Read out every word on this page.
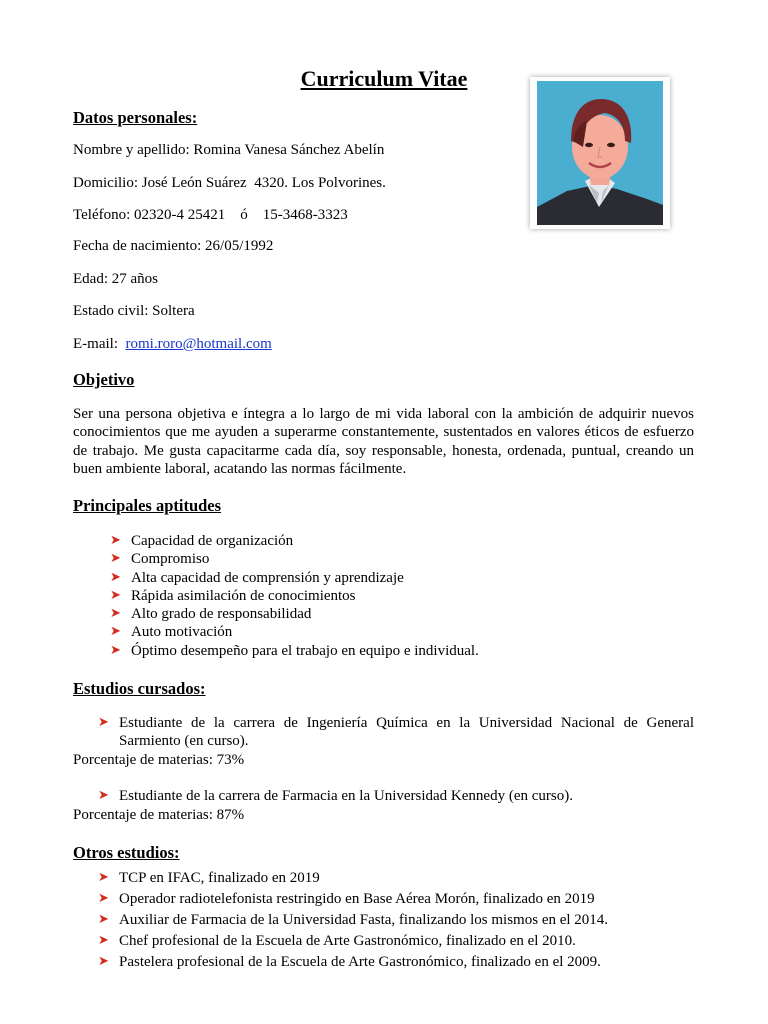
Curriculum Vitae
Datos personales:
Nombre y apellido: Romina Vanesa Sánchez Abelín
Domicilio: José León Suárez  4320. Los Polvorines.
Teléfono: 02320-4 25421    ó    15-3468-3323
Fecha de nacimiento: 26/05/1992
Edad: 27 años
Estado civil: Soltera
E-mail:  romi.roro@hotmail.com
Objetivo
Ser una persona objetiva e íntegra a lo largo de mi vida laboral con la ambición de adquirir nuevos conocimientos que me ayuden a superarme constantemente, sustentados en valores éticos de esfuerzo de trabajo. Me gusta capacitarme cada día, soy responsable, honesta, ordenada, puntual, creando un buen ambiente laboral, acatando las normas fácilmente.
Principales aptitudes
➤ Capacidad de organización
➤ Compromiso
➤ Alta capacidad de comprensión y aprendizaje
➤ Rápida asimilación de conocimientos
➤ Alto grado de responsabilidad
➤ Auto motivación
➤ Óptimo desempeño para el trabajo en equipo e individual.
Estudios cursados:
➤ Estudiante de la carrera de Ingeniería Química en la Universidad Nacional de General Sarmiento (en curso).
Porcentaje de materias: 73%
➤ Estudiante de la carrera de Farmacia en la Universidad Kennedy (en curso).
Porcentaje de materias: 87%
Otros estudios:
➤ TCP en IFAC, finalizado en 2019
➤ Operador radiotelefonista restringido en Base Aérea Morón, finalizado en 2019
➤ Auxiliar de Farmacia de la Universidad Fasta, finalizando los mismos en el 2014.
➤ Chef profesional de la Escuela de Arte Gastronómico, finalizado en el 2010.
➤ Pastelera profesional de la Escuela de Arte Gastronómico, finalizado en el 2009.
